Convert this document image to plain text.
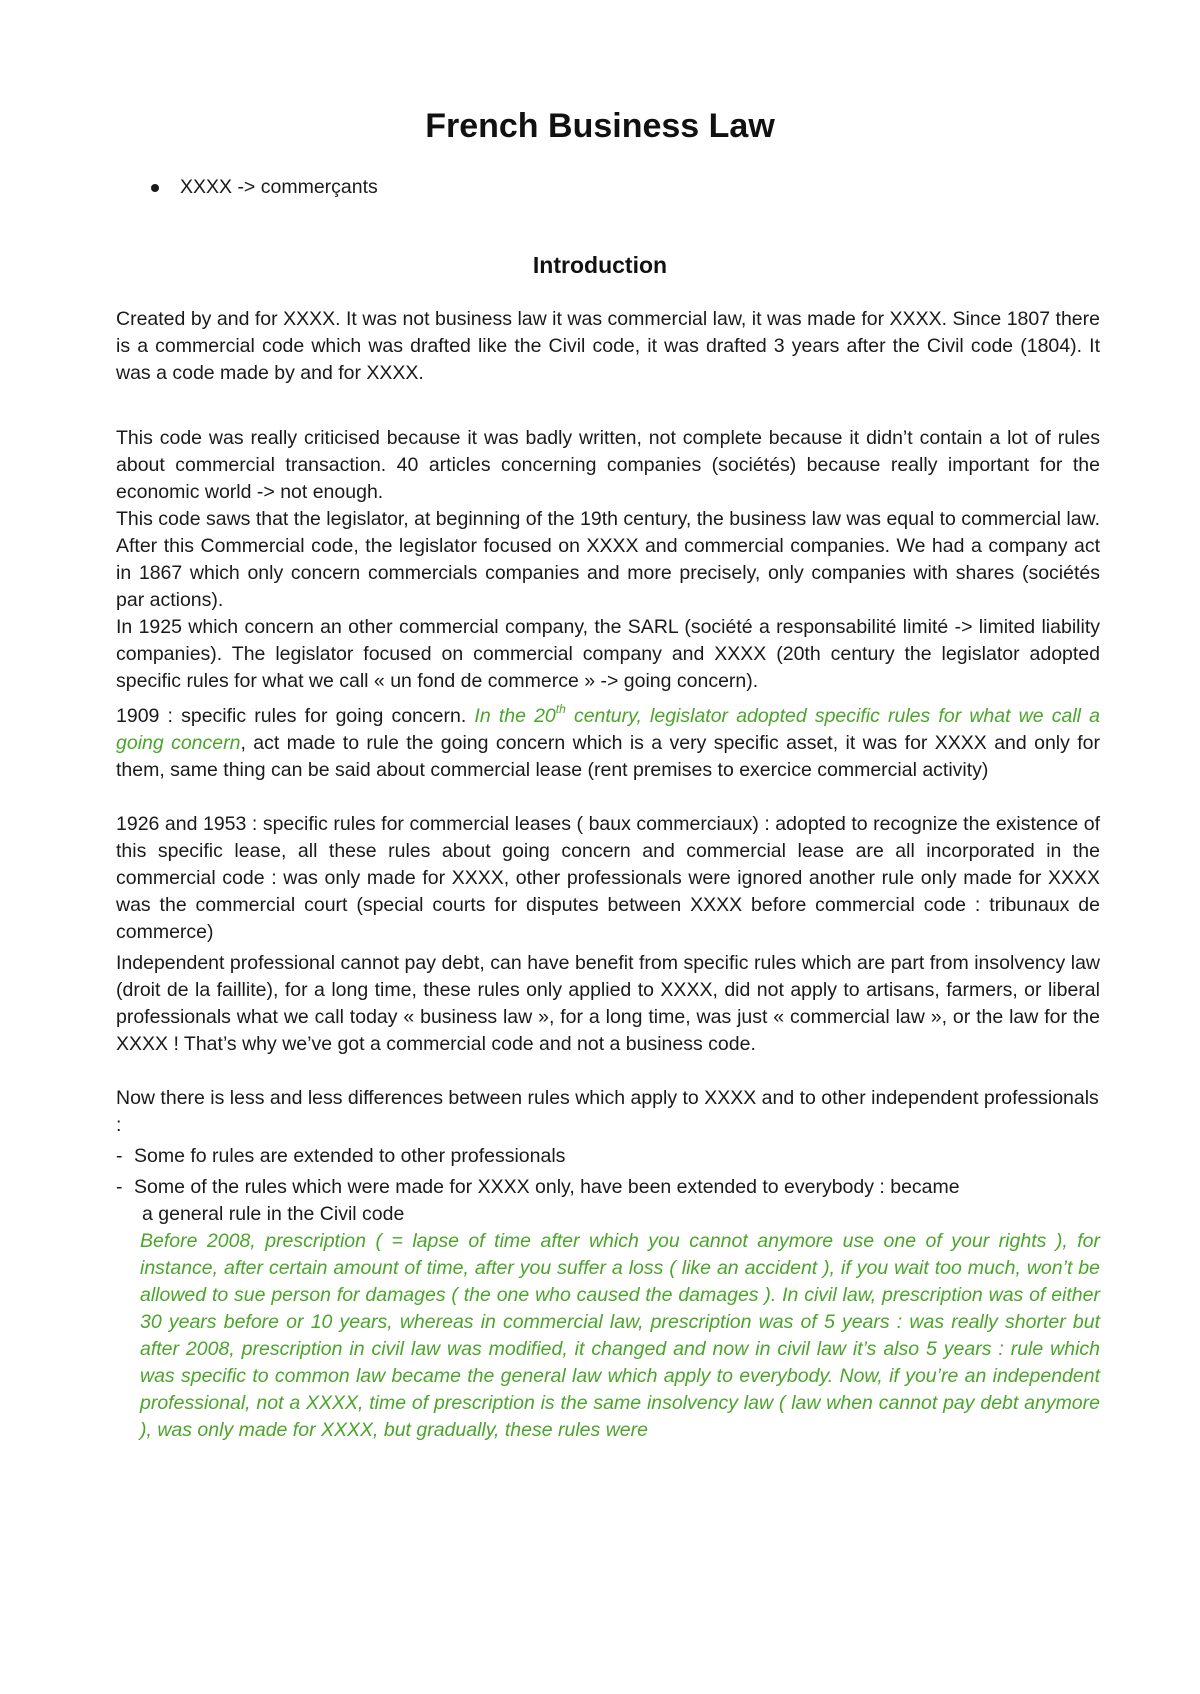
French Business Law
XXXX -> commerçants
Introduction

Created by and for XXXX. It was not business law it was commercial law, it was made for XXXX. Since 1807 there is a commercial code which was drafted like the Civil code, it was drafted 3 years after the Civil code (1804). It was a code made by and for XXXX.

This code was really criticised because it was badly written, not complete because it didn’t contain a lot of rules about commercial transaction. 40 articles concerning companies (sociétés) because really important for the economic world -> not enough.

This code saws that the legislator, at beginning of the 19th century, the business law was equal to commercial law. After this Commercial code, the legislator focused on XXXX and commercial companies. We had a company act in 1867 which only concern commercials companies and more precisely, only companies with shares (sociétés par actions).

In 1925 which concern an other commercial company, the SARL (société a responsabilité limité -> limited liability companies). The legislator focused on commercial company and XXXX (20th century the legislator adopted specific rules for what we call « un fond de commerce » -> going concern).

1909 : specific rules for going concern. In the 20th century, legislator adopted specific rules for what we call a going concern, act made to rule the going concern which is a very specific asset, it was for XXXX and only for them, same thing can be said about commercial lease (rent premises to exercice commercial activity)

1926 and 1953 : specific rules for commercial leases ( baux commerciaux) : adopted to recognize the existence of this specific lease, all these rules about going concern and commercial lease are all incorporated in the commercial code : was only made for XXXX, other professionals were ignored another rule only made for XXXX was the commercial court (special courts for disputes between XXXX before commercial code : tribunaux de commerce)

Independent professional cannot pay debt, can have benefit from specific rules which are part from insolvency law (droit de la faillite), for a long time, these rules only applied to XXXX, did not apply to artisans, farmers, or liberal professionals what we call today « business law », for a long time, was just « commercial law », or the law for the XXXX ! That’s why we’ve got a commercial code and not a business code.

Now there is less and less differences between rules which apply to XXXX and to other independent professionals :

- Some fo rules are extended to other professionals
- Some of the rules which were made for XXXX only, have been extended to everybody : became
a general rule in the Civil code

Before 2008, prescription ( = lapse of time after which you cannot anymore use one of your rights ), for instance, after certain amount of time, after you suffer a loss ( like an accident ), if you wait too much, won’t be allowed to sue person for damages ( the one who caused the damages ). In civil law, prescription was of either 30 years before or 10 years, whereas in commercial law, prescription was of 5 years : was really shorter but after 2008, prescription in civil law was modified, it changed and now in civil law it’s also 5 years : rule which was specific to common law became the general law which apply to everybody. Now, if you’re an independent professional, not a XXXX, time of prescription is the same insolvency law ( law when cannot pay debt anymore ), was only made for XXXX, but gradually, these rules were
